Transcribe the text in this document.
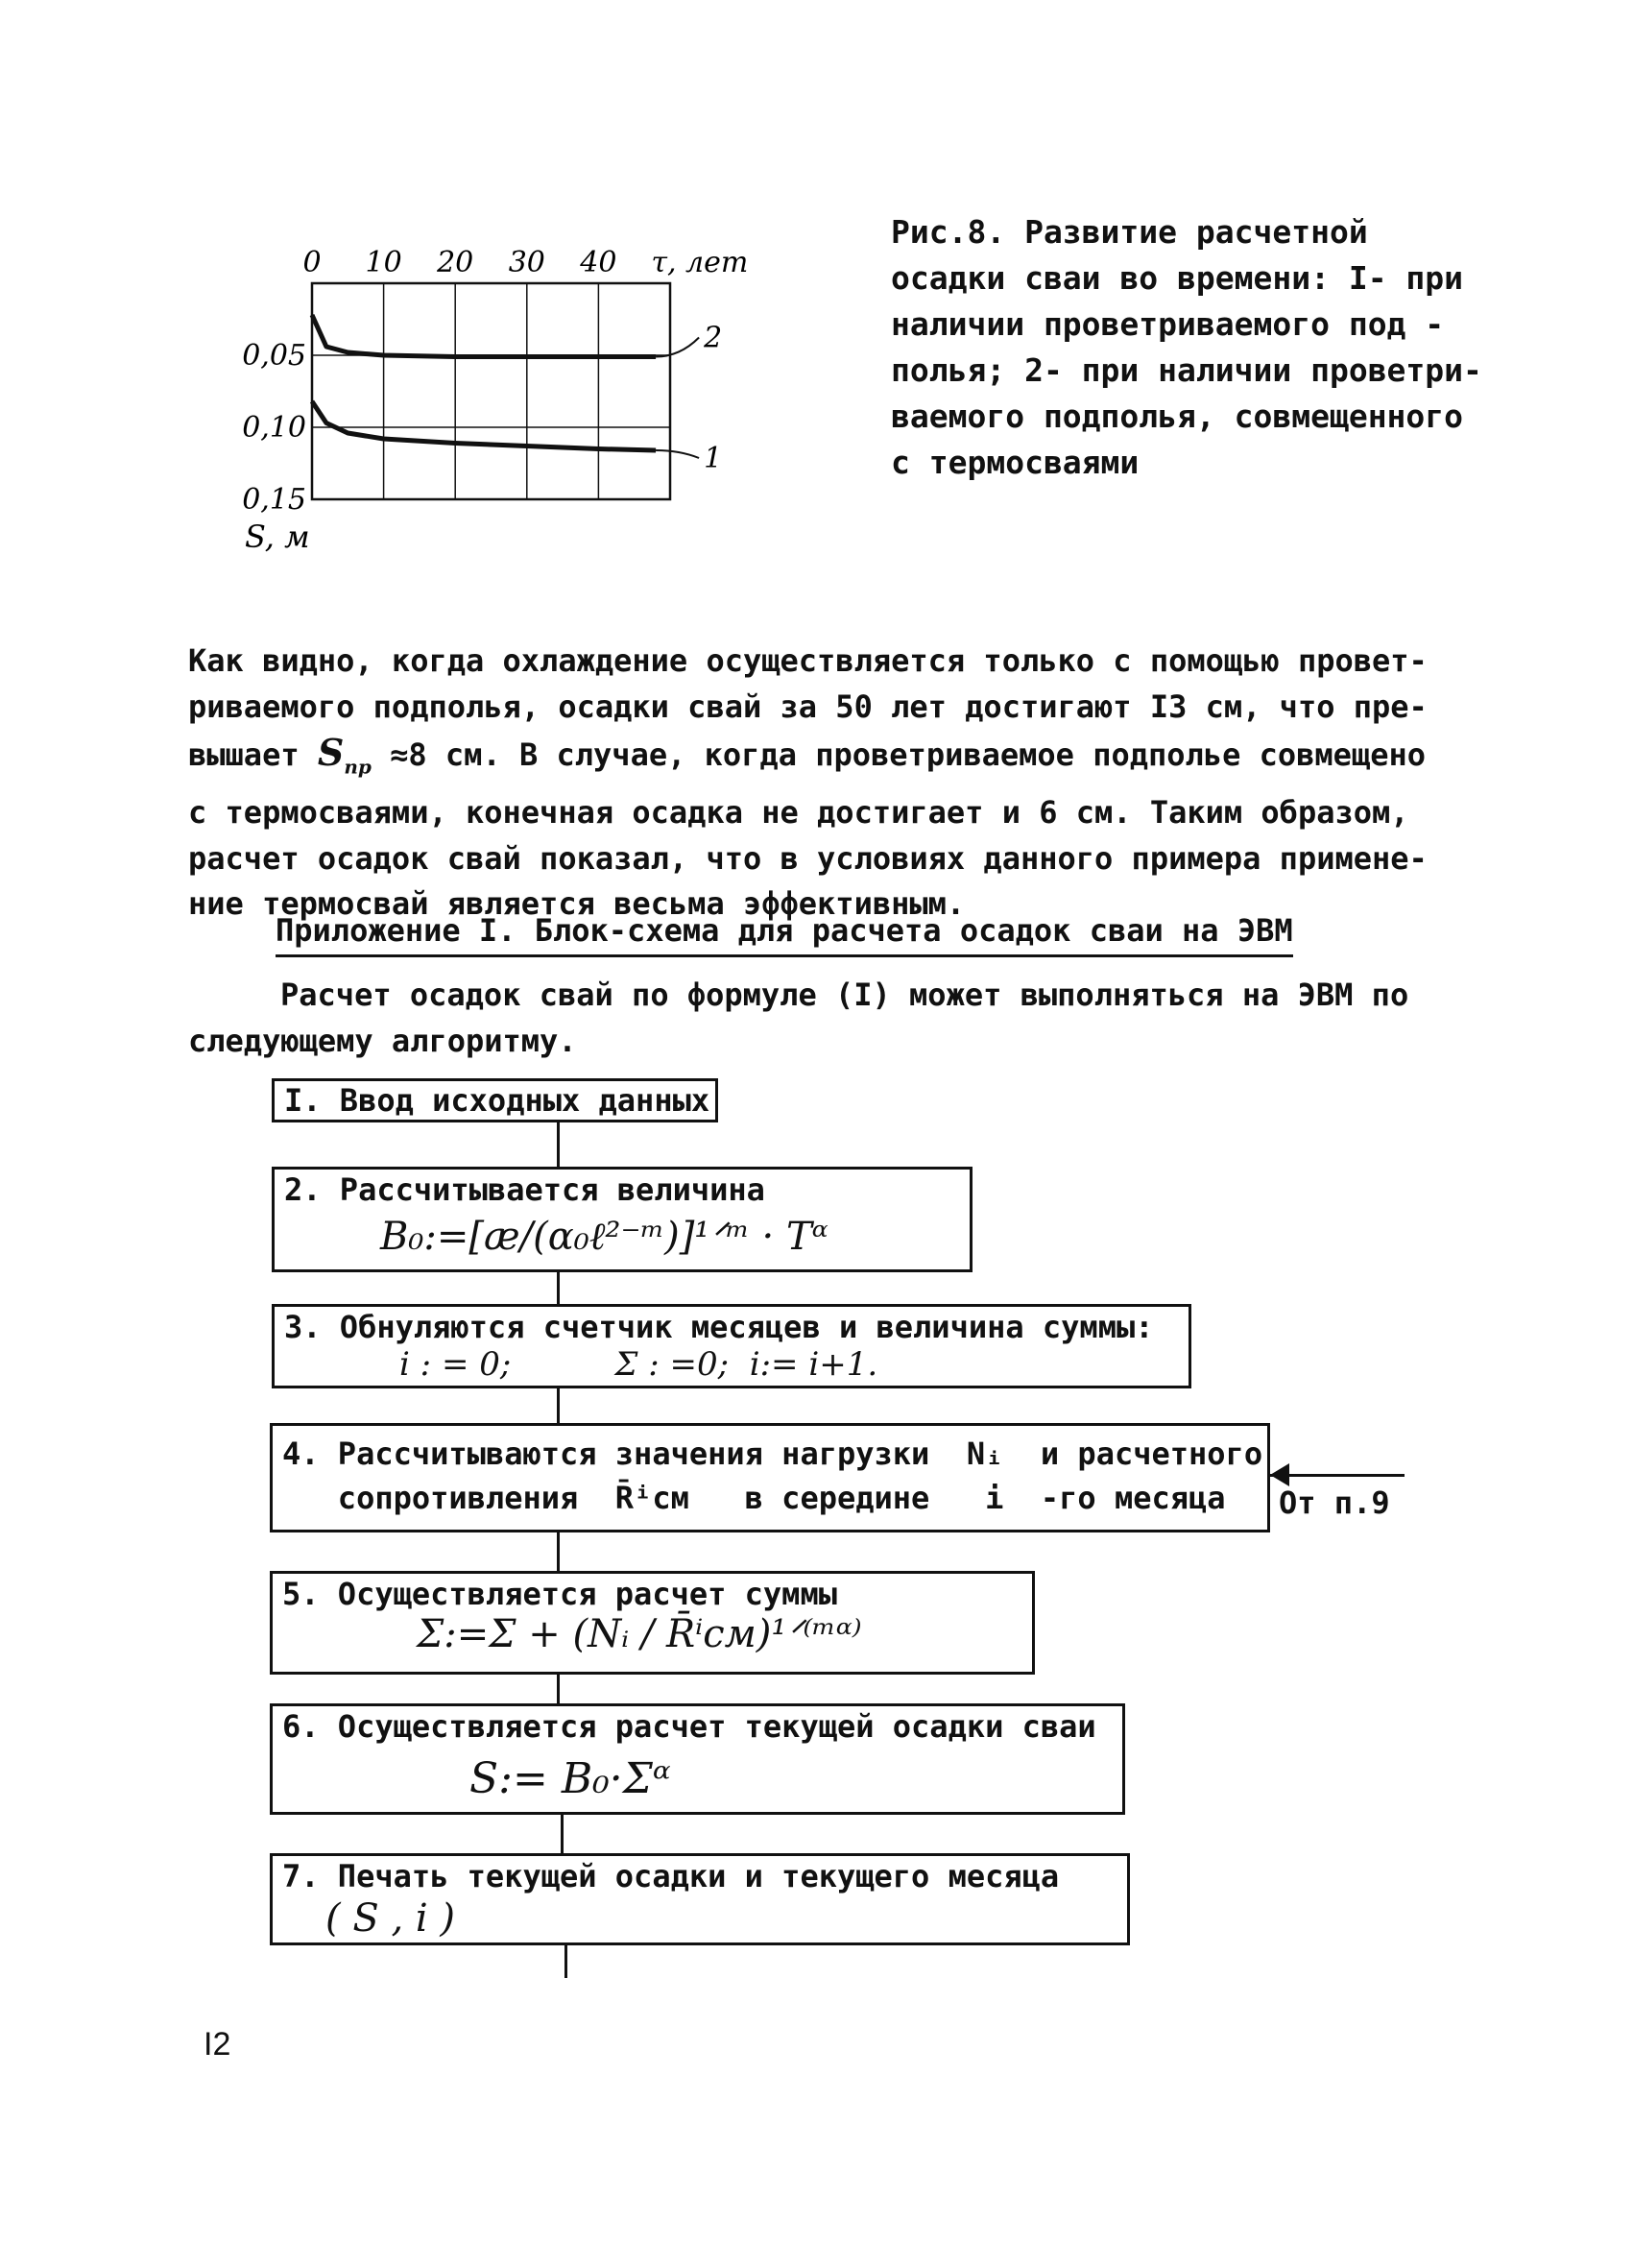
0 10 20 30 40 τ, лет
0,05
0,10
0,15
S, м
1
2
Рис.8. Развитие расчетной
осадки сваи во времени: I- при
наличии проветриваемого под -
полья; 2- при наличии проветри-
ваемого подполья, совмещенного
с термосваями
Как видно, когда охлаждение осуществляется только с помощью провет-
риваемого подполья, осадки свай за 50 лет достигают I3 см, что пре-
вышает $S_{пр} \approx 8$ см. В случае, когда проветриваемое подполье совмещено
с термосваями, конечная осадка не достигает и 6 см. Таким образом,
расчет осадок свай показал, что в условиях данного примера примене-
ние термосвай является весьма эффективным.
Приложение I. Блок-схема для расчета осадок сваи на ЭВМ
Расчет осадок свай по формуле (I) может выполняться на ЭВМ по
следующему алгоритму.
I. Ввод исходных данных
2. Рассчитывается величина
B₀:=[æ/(α₀ℓ²⁻ᵐ)]¹ᐟᵐ · Tᵅ
3. Обнуляются счетчик месяцев и величина суммы:
i : = 0;          Σ : =0;  i:= i+1.
4. Рассчитываются значения нагрузки  Nᵢ  и расчетного
сопротивления  R̄ⁱсм   в середине   i  -го месяца От п.9
5. Осуществляется расчет суммы
Σ:=Σ + (Nᵢ / R̄ⁱсм)¹ᐟ⁽ᵐᵅ⁾
6. Осуществляется расчет текущей осадки сваи
S:= B₀·Σᵅ
7. Печать текущей осадки и текущего месяца
( S , i )
I2
